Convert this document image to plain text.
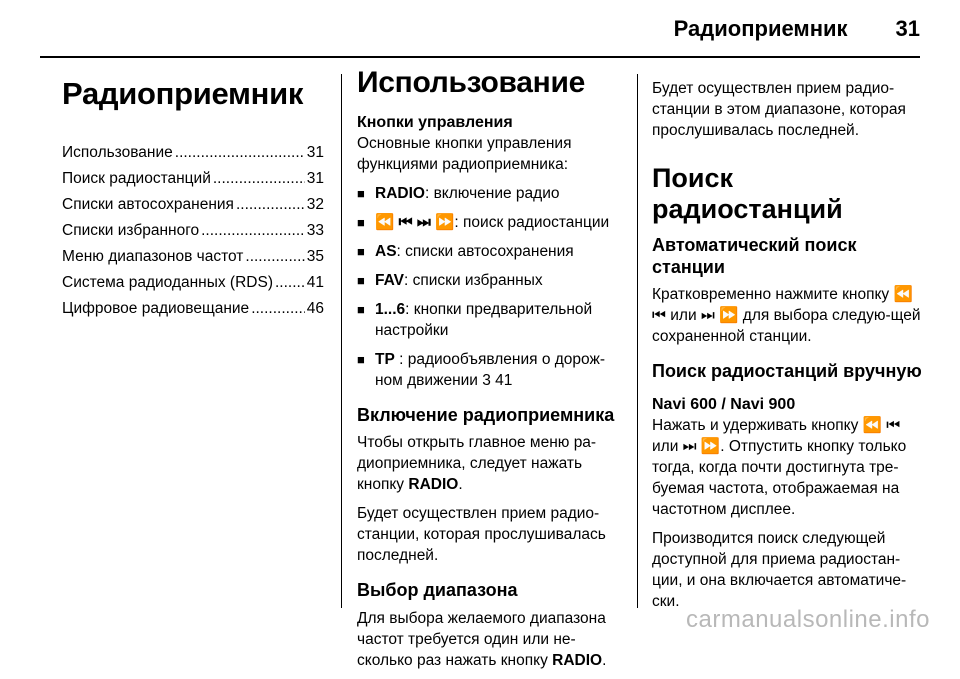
Радиоприемник 31
Радиоприемник
Использование .....	31
Поиск радиостанций .....	31
Списки автосохранения .....	32
Списки избранного .....	33
Меню диапазонов частот .....	35
Система радиоданных (RDS) ..... 41
Цифровое радиовещание .....	46
Использование
Кнопки управления

Основные кнопки управления функциями радиоприемника:

■ RADIO: включение радио
■ ⏪ ⏮ ⏭ ⏩: поиск радиостанции
■ AS: списки автосохранения
■ FAV: списки избранных
■ 1...6: кнопки предварительной настройки
■ TP : радиообъявления о дорож-ном движении 3 41
Включение радиоприемника

Чтобы открыть главное меню ра-диоприемника, следует нажать кнопку RADIO.

Будет осуществлен прием радио-станции, которая прослушивалась последней.

Выбор диапазона

Для выбора желаемого диапазона частот требуется один или не-сколько раз нажать кнопку RADIO.

Будет осуществлен прием радио-станции в этом диапазоне, которая прослушивалась последней.

Поиск радиостанций
Автоматический поиск станции

Кратковременно нажмите кнопку ⏪ ⏮ или ⏭ ⏩ для выбора следую-щей сохраненной станции.

Поиск радиостанций вручную
Navi 600 / Navi 900

Нажать и удерживать кнопку ⏪ ⏮ или ⏭ ⏩. Отпустить кнопку только тогда, когда почти достигнута тре-буемая частота, отображаемая на частотном дисплее.

Производится поиск следующей доступной для приема радиостан-ции, и она включается автоматиче-ски.

carmanualsonline.info
